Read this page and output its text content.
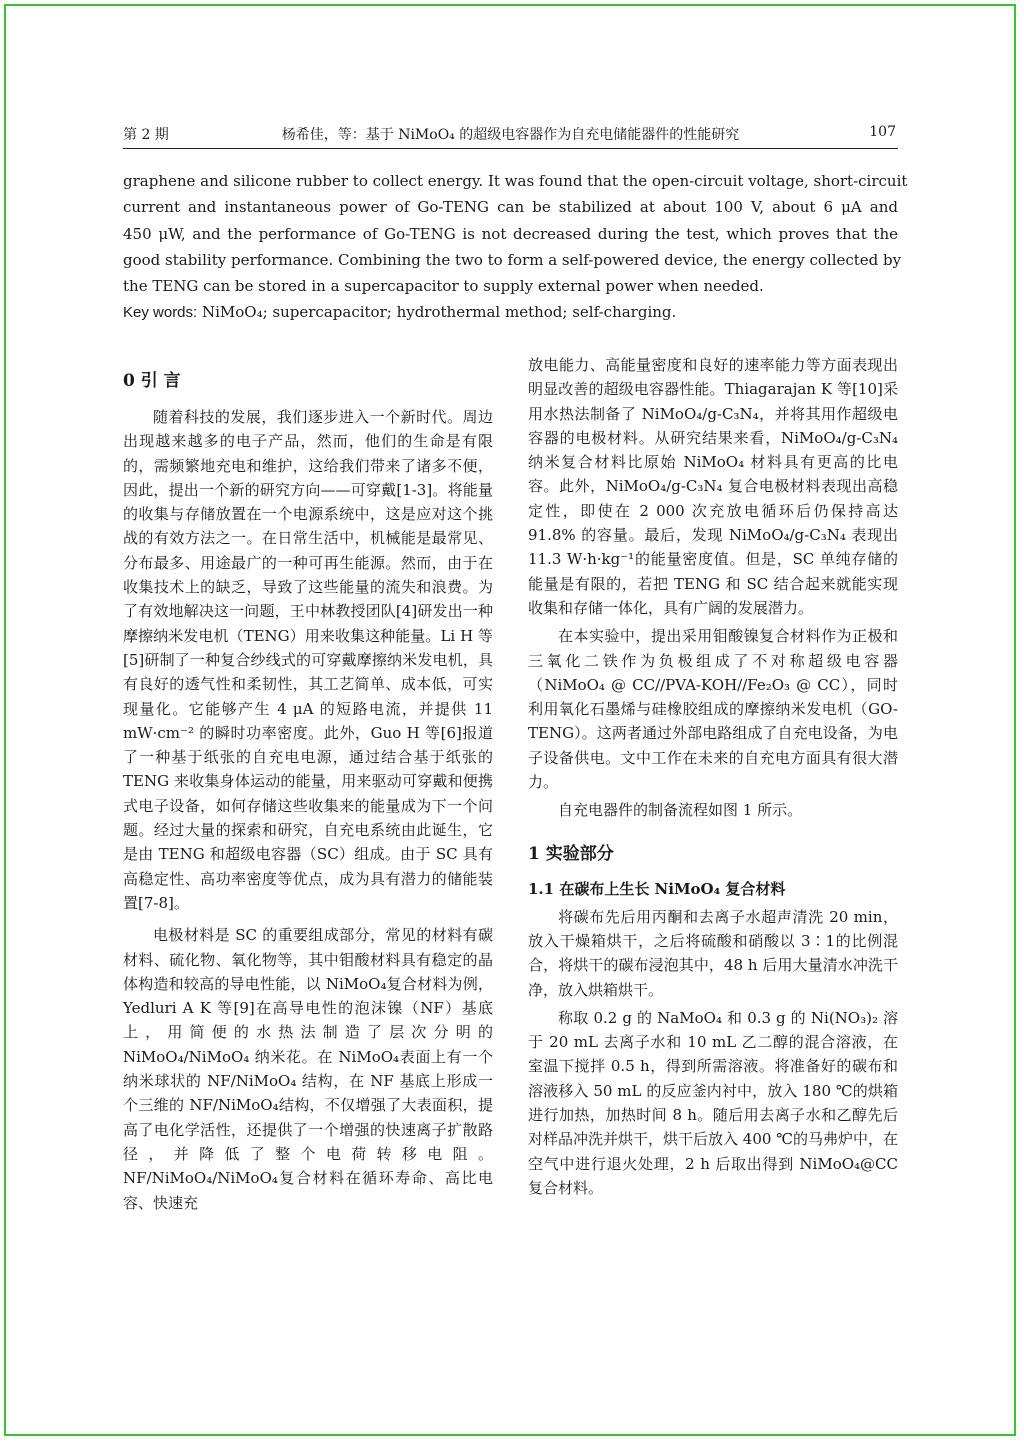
第 2 期	杨希佳，等：基于 NiMoO₄ 的超级电容器作为自充电储能器件的性能研究	107
graphene and silicone rubber to collect energy. It was found that the open-circuit voltage, short-circuit
current and instantaneous power of Go-TENG can be stabilized at about 100 V, about 6 μA and
450 μW, and the performance of Go-TENG is not decreased during the test, which proves that the
good stability performance. Combining the two to form a self-powered device, the energy collected by
the TENG can be stored in a supercapacitor to supply external power when needed.
Key words: NiMoO₄; supercapacitor; hydrothermal method; self-charging.
0 引 言

随着科技的发展，我们逐步进入一个新时代。周边出现越来越多的电子产品，然而，他们的生命是有限的，需频繁地充电和维护，这给我们带来了诸多不便，因此，提出一个新的研究方向——可穿戴[1-3]。将能量的收集与存储放置在一个电源系统中，这是应对这个挑战的有效方法之一。在日常生活中，机械能是最常见、分布最多、用途最广的一种可再生能源。然而，由于在收集技术上的缺乏，导致了这些能量的流失和浪费。为了有效地解决这一问题，王中林教授团队[4]研发出一种摩擦纳米发电机（TENG）用来收集这种能量。Li H 等[5]研制了一种复合纱线式的可穿戴摩擦纳米发电机，具有良好的透气性和柔韧性，其工艺简单、成本低，可实现量化。它能够产生 4 μA 的短路电流，并提供 11 mW·cm⁻² 的瞬时功率密度。此外，Guo H 等[6]报道了一种基于纸张的自充电电源，通过结合基于纸张的 TENG 来收集身体运动的能量，用来驱动可穿戴和便携式电子设备，如何存储这些收集来的能量成为下一个问题。经过大量的探索和研究，自充电系统由此诞生，它是由 TENG 和超级电容器（SC）组成。由于 SC 具有高稳定性、高功率密度等优点，成为具有潜力的储能装置[7-8]。

电极材料是 SC 的重要组成部分，常见的材料有碳材料、硫化物、氧化物等，其中钼酸材料具有稳定的晶体构造和较高的导电性能，以 NiMoO₄复合材料为例，Yedluri A K 等[9]在高导电性的泡沫镍（NF）基底上，用简便的水热法制造了层次分明的 NiMoO₄/NiMoO₄ 纳米花。在 NiMoO₄表面上有一个纳米球状的 NF/NiMoO₄ 结构，在 NF 基底上形成一个三维的 NF/NiMoO₄结构，不仅增强了大表面积，提高了电化学活性，还提供了一个增强的快速离子扩散路径，并降低了整个电荷转移电阻。NF/NiMoO₄/NiMoO₄复合材料在循环寿命、高比电容、快速充

放电能力、高能量密度和良好的速率能力等方面表现出明显改善的超级电容器性能。Thiagarajan K 等[10]采用水热法制备了 NiMoO₄/g-C₃N₄，并将其用作超级电容器的电极材料。从研究结果来看，NiMoO₄/g-C₃N₄ 纳米复合材料比原始 NiMoO₄ 材料具有更高的比电容。此外，NiMoO₄/g-C₃N₄ 复合电极材料表现出高稳定性，即使在 2 000 次充放电循环后仍保持高达 91.8% 的容量。最后，发现 NiMoO₄/g-C₃N₄ 表现出 11.3 W·h·kg⁻¹的能量密度值。但是，SC 单纯存储的能量是有限的，若把 TENG 和 SC 结合起来就能实现收集和存储一体化，具有广阔的发展潜力。

在本实验中，提出采用钼酸镍复合材料作为正极和三氧化二铁作为负极组成了不对称超级电容器（NiMoO₄ @ CC//PVA-KOH//Fe₂O₃ @ CC），同时利用氧化石墨烯与硅橡胶组成的摩擦纳米发电机（GO-TENG）。这两者通过外部电路组成了自充电设备，为电子设备供电。文中工作在未来的自充电方面具有很大潜力。

自充电器件的制备流程如图 1 所示。

1 实验部分
1.1 在碳布上生长 NiMoO₄ 复合材料

将碳布先后用丙酮和去离子水超声清洗 20 min，放入干燥箱烘干，之后将硫酸和硝酸以 3∶1的比例混合，将烘干的碳布浸泡其中，48 h 后用大量清水冲洗干净，放入烘箱烘干。

称取 0.2 g 的 NaMoO₄ 和 0.3 g 的 Ni(NO₃)₂ 溶于 20 mL 去离子水和 10 mL 乙二醇的混合溶液，在室温下搅拌 0.5 h，得到所需溶液。将准备好的碳布和溶液移入 50 mL 的反应釜内衬中，放入 180 ℃的烘箱进行加热，加热时间 8 h。随后用去离子水和乙醇先后对样品冲洗并烘干，烘干后放入 400 ℃的马弗炉中，在空气中进行退火处理，2 h 后取出得到 NiMoO₄@CC 复合材料。
